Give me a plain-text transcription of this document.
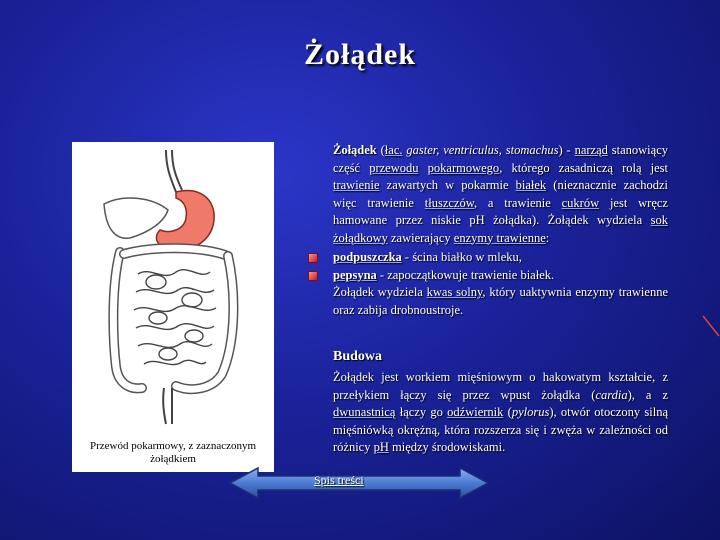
Żołądek
Przewód pokarmowy, z zaznaczonym żołądkiem
Żołądek (łac. gaster, ventriculus, stomachus) - narząd stanowiący część przewodu pokarmowego, którego zasadniczą rolą jest trawienie zawartych w pokarmie białek (nieznacznie zachodzi więc trawienie tłuszczów, a trawienie cukrów jest wręcz hamowane przez niskie pH żołądka). Żołądek wydziela sok żołądkowy zawierający enzymy trawienne:
podpuszczka - ścina białko w mleku,
pepsyna - zapoczątkowuje trawienie białek.
Żołądek wydziela kwas solny, który uaktywnia enzymy trawienne oraz zabija drobnoustroje.
Budowa
Żołądek jest workiem mięśniowym o hakowatym kształcie, z przełykiem łączy się przez wpust żołądka (cardia), a z dwunastnicą łączy go odźwiernik (pylorus), otwór otoczony silną mięśniówką okrężną, która rozszerza się i zwęża w zależności od różnicy pH między środowiskami.
Spis treści
